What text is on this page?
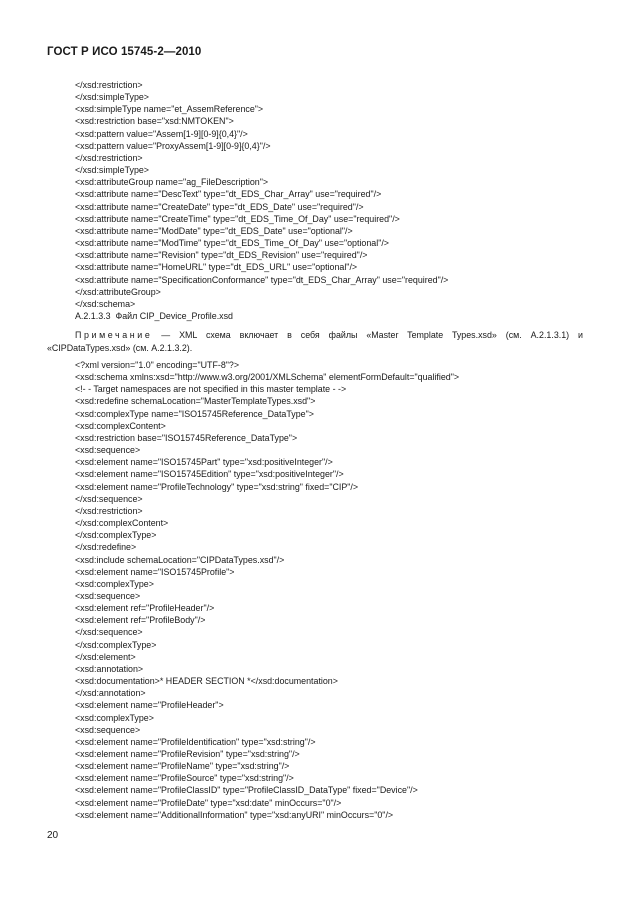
ГОСТ Р ИСО 15745-2—2010
</xsd:restriction>
</xsd:simpleType>
<xsd:simpleType name="et_AssemReference">
<xsd:restriction base="xsd:NMTOKEN">
<xsd:pattern value="Assem[1-9][0-9]{0,4}"/>
<xsd:pattern value="ProxyAssem[1-9][0-9]{0,4}"/>
</xsd:restriction>
</xsd:simpleType>
<xsd:attributeGroup name="ag_FileDescription">
<xsd:attribute name="DescText" type="dt_EDS_Char_Array" use="required"/>
<xsd:attribute name="CreateDate" type="dt_EDS_Date" use="required"/>
<xsd:attribute name="CreateTime" type="dt_EDS_Time_Of_Day" use="required"/>
<xsd:attribute name="ModDate" type="dt_EDS_Date" use="optional"/>
<xsd:attribute name="ModTime" type="dt_EDS_Time_Of_Day" use="optional"/>
<xsd:attribute name="Revision" type="dt_EDS_Revision" use="required"/>
<xsd:attribute name="HomeURL" type="dt_EDS_URL" use="optional"/>
<xsd:attribute name="SpecificationConformance" type="dt_EDS_Char_Array" use="required"/>
</xsd:attributeGroup>
</xsd:schema>
A.2.1.3.3  Файл CIP_Device_Profile.xsd

Примечание — XML схема включает в себя файлы «Master Template Types.xsd» (см. A.2.1.3.1) и «CIPDataTypes.xsd» (см. A.2.1.3.2).

<?xml version="1.0" encoding="UTF-8"?>
<xsd:schema xmlns:xsd="http://www.w3.org/2001/XMLSchema" elementFormDefault="qualified">
<!- - Target namespaces are not specified in this master template - ->
<xsd:redefine schemaLocation="MasterTemplateTypes.xsd">
<xsd:complexType name="ISO15745Reference_DataType">
<xsd:complexContent>
<xsd:restriction base="ISO15745Reference_DataType">
<xsd:sequence>
<xsd:element name="ISO15745Part" type="xsd:positiveInteger"/>
<xsd:element name="ISO15745Edition" type="xsd:positiveInteger"/>
<xsd:element name="ProfileTechnology" type="xsd:string" fixed="CIP"/>
</xsd:sequence>
</xsd:restriction>
</xsd:complexContent>
</xsd:complexType>
</xsd:redefine>
<xsd:include schemaLocation="CIPDataTypes.xsd"/>
<xsd:element name="ISO15745Profile">
<xsd:complexType>
<xsd:sequence>
<xsd:element ref="ProfileHeader"/>
<xsd:element ref="ProfileBody"/>
</xsd:sequence>
</xsd:complexType>
</xsd:element>
<xsd:annotation>
<xsd:documentation>* HEADER SECTION *</xsd:documentation>
</xsd:annotation>
<xsd:element name="ProfileHeader">
<xsd:complexType>
<xsd:sequence>
<xsd:element name="ProfileIdentification" type="xsd:string"/>
<xsd:element name="ProfileRevision" type="xsd:string"/>
<xsd:element name="ProfileName" type="xsd:string"/>
<xsd:element name="ProfileSource" type="xsd:string"/>
<xsd:element name="ProfileClassID" type="ProfileClassID_DataType" fixed="Device"/>
<xsd:element name="ProfileDate" type="xsd:date" minOccurs="0"/>
<xsd:element name="AdditionalInformation" type="xsd:anyURI" minOccurs="0"/>
20
